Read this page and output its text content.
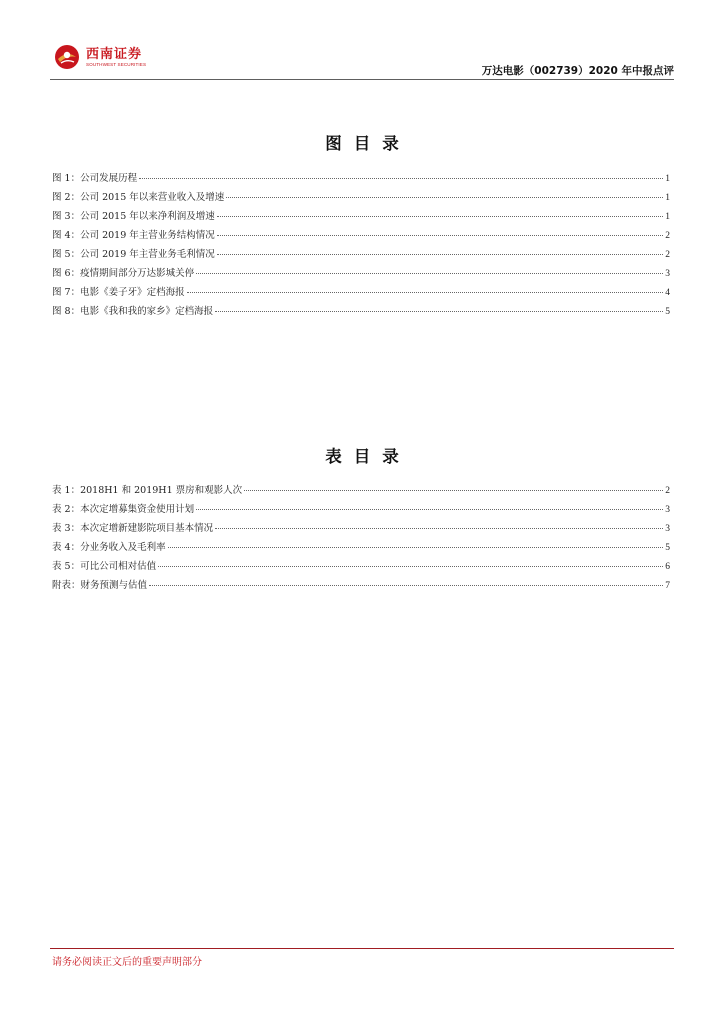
西南证券
SOUTHWEST SECURITIES
万达电影（002739）2020 年中报点评
图目录
图 1：公司发展历程	1
图 2：公司 2015 年以来营业收入及增速	1
图 3：公司 2015 年以来净利润及增速	1
图 4：公司 2019 年主营业务结构情况	2
图 5：公司 2019 年主营业务毛利情况	2
图 6：疫情期间部分万达影城关停	3
图 7：电影《姜子牙》定档海报	4
图 8：电影《我和我的家乡》定档海报	5
表目录
表 1：2018H1 和 2019H1 票房和观影人次	2
表 2：本次定增募集资金使用计划	3
表 3：本次定增新建影院项目基本情况	3
表 4：分业务收入及毛利率	5
表 5：可比公司相对估值	6
附表：财务预测与估值	7
请务必阅读正文后的重要声明部分
